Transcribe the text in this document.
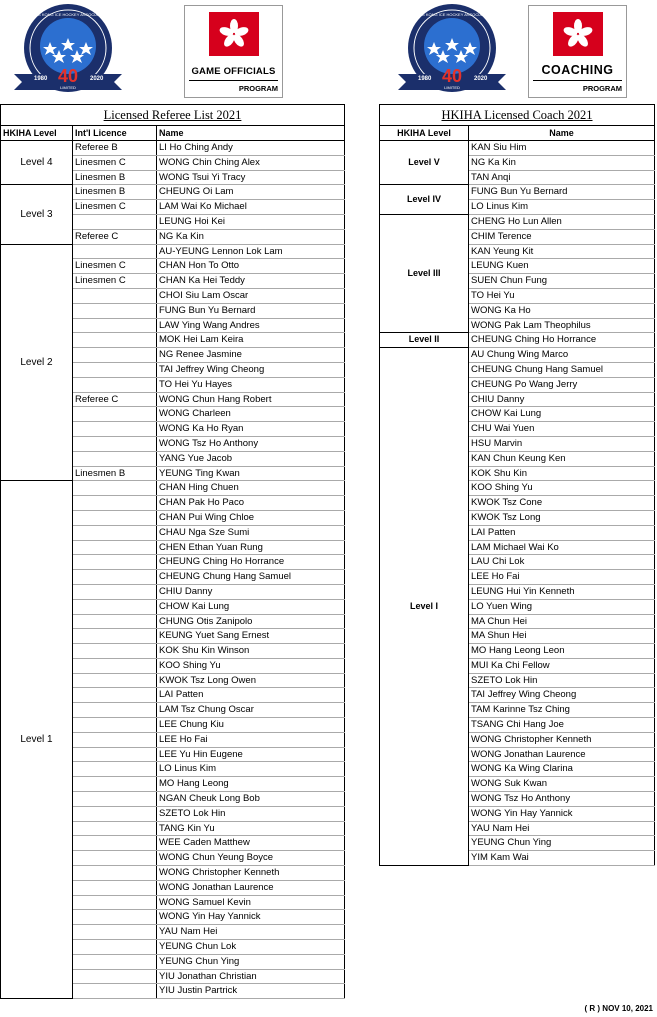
40
1980	2020
LIMITED
HONG KONG ICE HOCKEY ASSOCIATION
GAME OFFICIALS
PROGRAM
40
1980	2020
LIMITED
HONG KONG ICE HOCKEY ASSOCIATION
COACHING
PROGRAM
Licensed Referee List 2021		
HKIHA Level	Int'l Licence	Name
Level 4	Referee B	LI Ho Ching Andy
	Linesmen C	WONG Chin Ching Alex
	Linesmen B	WONG Tsui Yi Tracy
Level 3	Linesmen B	CHEUNG Oi Lam
	Linesmen C	LAM Wai Ko Michael
		LEUNG Hoi Kei
	Referee C	NG Ka Kin
Level 2		AU-YEUNG Lennon Lok Lam
	Linesmen C	CHAN Hon To Otto
	Linesmen C	CHAN Ka Hei Teddy
		CHOI Siu Lam Oscar
		FUNG Bun Yu Bernard
		LAW Ying Wang Andres
		MOK Hei Lam Keira
		NG Renee Jasmine
		TAI Jeffrey Wing Cheong
		TO Hei Yu Hayes
	Referee C	WONG Chun Hang Robert
		WONG Charleen
		WONG Ka Ho Ryan
		WONG Tsz Ho Anthony
		YANG Yue Jacob
	Linesmen B	YEUNG Ting Kwan
Level 1		CHAN Hing Chuen
		CHAN Pak Ho Paco
		CHAN Pui Wing Chloe
		CHAU Nga Sze Sumi
		CHEN Ethan Yuan Rung
		CHEUNG Ching Ho Horrance
		CHEUNG Chung Hang Samuel
		CHIU Danny
		CHOW Kai Lung
		CHUNG Otis Zanipolo
		KEUNG Yuet Sang Ernest
		KOK Shu Kin Winson
		KOO Shing Yu
		KWOK Tsz Long Owen
		LAI Patten
		LAM Tsz Chung Oscar
		LEE Chung Kiu
		LEE Ho Fai
		LEE Yu Hin Eugene
		LO Linus Kim
		MO Hang Leong
		NGAN Cheuk Long Bob
		SZETO Lok Hin
		TANG Kin Yu
		WEE Caden Matthew
		WONG Chun Yeung Boyce
		WONG Christopher Kenneth
		WONG Jonathan Laurence
		WONG Samuel Kevin
		WONG Yin Hay Yannick
		YAU Nam Hei
		YEUNG Chun Lok
		YEUNG Chun Ying
		YIU Jonathan Christian
		YIU Justin Partrick
HKIHA Licensed Coach 2021	
HKIHA Level	Name
Level V	KAN Siu Him
	NG Ka Kin
	TAN Anqi
Level IV	FUNG Bun Yu Bernard
	LO Linus Kim
Level III	CHENG Ho Lun Allen
	CHIM Terence
	KAN Yeung Kit
	LEUNG Kuen
	SUEN Chun Fung
	TO Hei Yu
	WONG Ka Ho
	WONG Pak Lam Theophilus
Level II	CHEUNG Ching Ho Horrance
Level I	AU Chung Wing Marco
	CHEUNG Chung Hang Samuel
	CHEUNG Po Wang Jerry
	CHIU Danny
	CHOW Kai Lung
	CHU Wai Yuen
	HSU Marvin
	KAN Chun Keung Ken
	KOK Shu Kin
	KOO Shing Yu
	KWOK Tsz Cone
	KWOK Tsz Long
	LAI Patten
	LAM Michael Wai Ko
	LAU Chi Lok
	LEE Ho Fai
	LEUNG Hui Yin Kenneth
	LO Yuen Wing
	MA Chun Hei
	MA Shun Hei
	MO Hang Leong Leon
	MUI Ka Chi Fellow
	SZETO Lok Hin
	TAI Jeffrey Wing Cheong
	TAM Karinne Tsz Ching
	TSANG Chi Hang Joe
	WONG Christopher Kenneth
	WONG Jonathan Laurence
	WONG Ka Wing Clarina
	WONG Suk Kwan
	WONG Tsz Ho Anthony
	WONG Yin Hay Yannick
	YAU Nam Hei
	YEUNG Chun Ying
	YIM Kam Wai
( R ) NOV 10, 2021
